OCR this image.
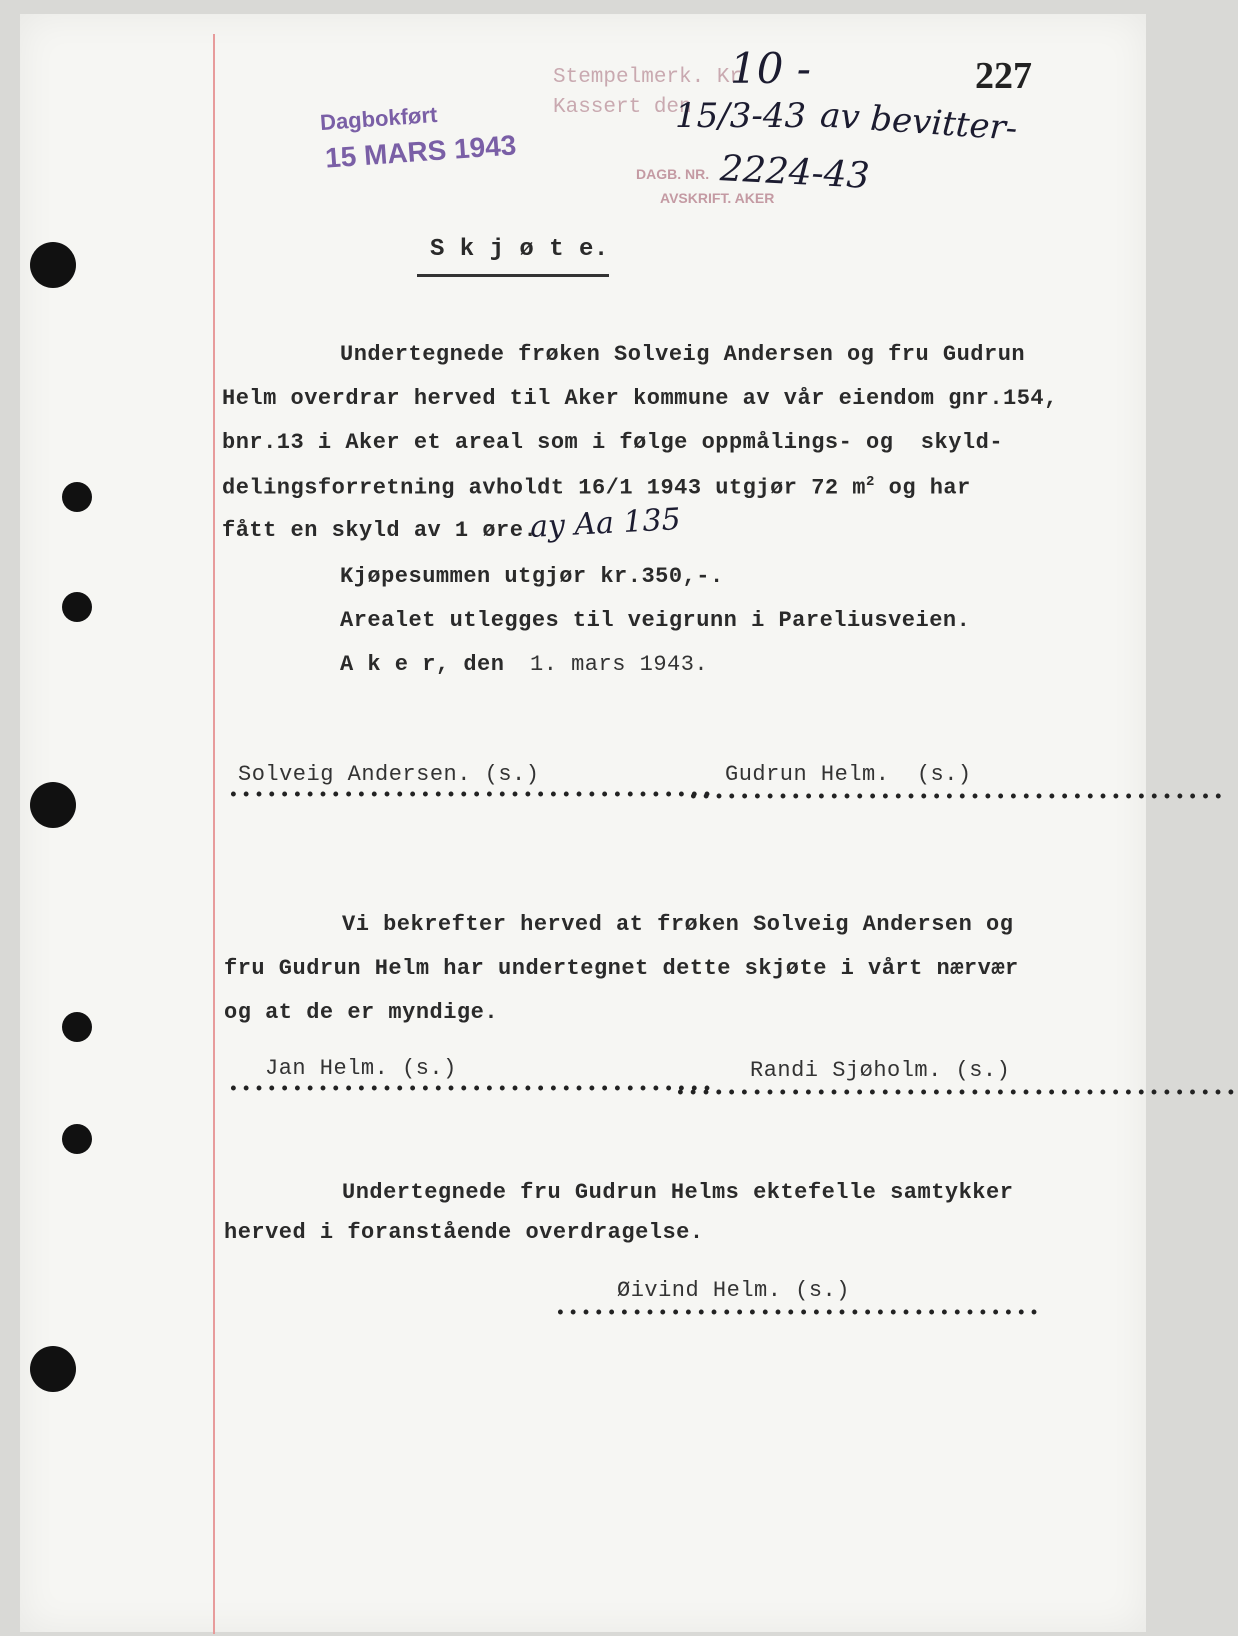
Dagbokført
15 MARS 1943
Stempelmerk. Kr
Kassert den
DAGB. NR.
AVSKRIFT. AKER
10 -
15/3-43 av bevitter-
2224-43
227
S k j ø t e.
Undertegnede frøken Solveig Andersen og fru Gudrun
Helm overdrar herved til Aker kommune av vår eiendom gnr.154,
bnr.13 i Aker et areal som i følge oppmålings- og  skyld-
delingsforretning avholdt 16/1 1943 utgjør 72 $m^2$ og har
fått en skyld av 1 øre.
ay Aa 135
Kjøpesummen utgjør kr.350,-.
Arealet utlegges til veigrunn i Pareliusveien.
A k e r, den 1. mars 1943.
Solveig Andersen. (s.)
••••••••••••••••••••••••••••••••••••••
Gudrun Helm.  (s.)
••••••••••••••••••••••••••••••••••••••••••
Vi bekrefter herved at frøken Solveig Andersen og
fru Gudrun Helm har undertegnet dette skjøte i vårt nærvær
og at de er myndige.
Jan Helm. (s.)
••••••••••••••••••••••••••••••••••••••
Randi Sjøholm. (s.)
••••••••••••••••••••••••••••••••••••••••••••
Undertegnede fru Gudrun Helms ektefelle samtykker
herved i foranstående overdragelse.
Øivind Helm. (s.)
••••••••••••••••••••••••••••••••••••••
